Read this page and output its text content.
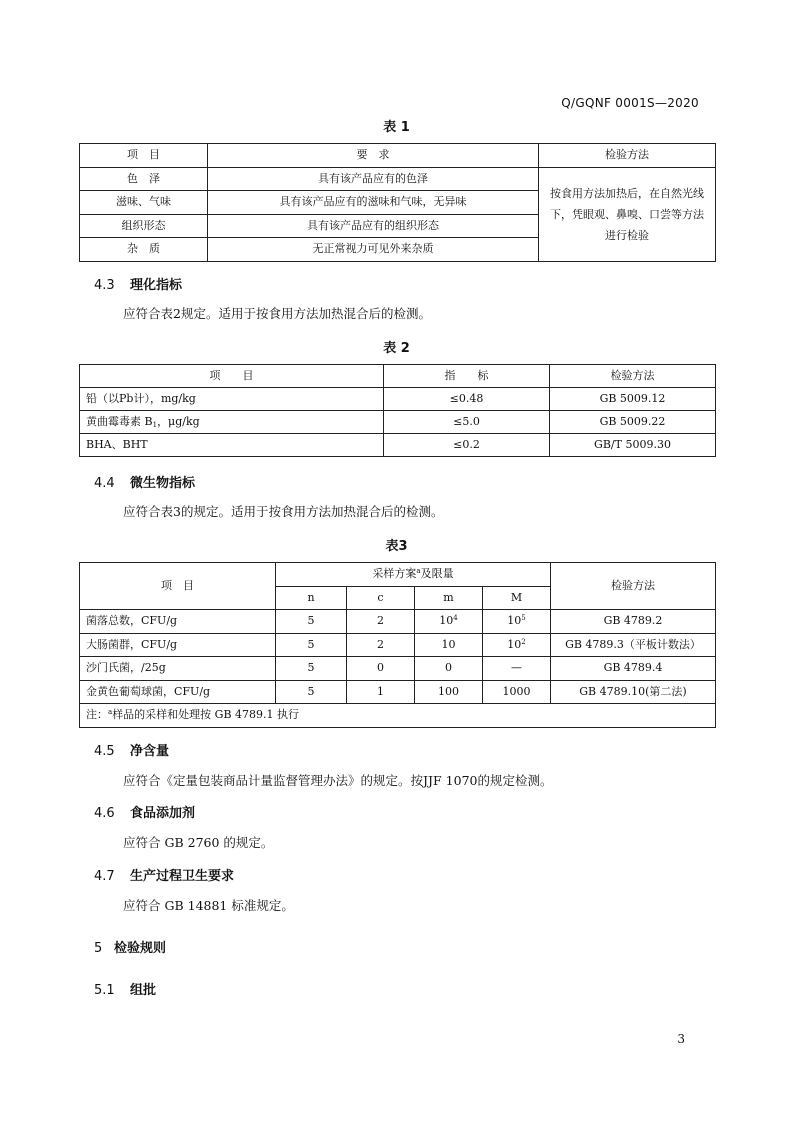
Q/GQNF 0001S—2020
表 1
项　目	要　求	检验方法
色　泽	具有该产品应有的色泽	按食用方法加热后，在自然光线下，凭眼观、鼻嗅、口尝等方法进行检验
滋味、气味	具有该产品应有的滋味和气味，无异味	
组织形态	具有该产品应有的组织形态	
杂　质	无正常视力可见外来杂质	
4.3 理化指标
应符合表2规定。适用于按食用方法加热混合后的检测。
表 2
项　　目	指　　标	检验方法
铅（以Pb计），mg/kg	≤0.48	GB 5009.12
黄曲霉毒素 $B_1$，μg/kg	≤5.0	GB 5009.22
BHA、BHT	≤0.2	GB/T 5009.30
4.4 微生物指标
应符合表3的规定。适用于按食用方法加热混合后的检测。
表3
项　目	采样方案$^a$及限量				检验方法
	n	c	m	M	
菌落总数，CFU/g	5	2	$10^4$	$10^5$	GB 4789.2
大肠菌群，CFU/g	5	2	10	$10^2$	GB 4789.3（平板计数法）
沙门氏菌，/25g	5	0	0	—	GB 4789.4
金黄色葡萄球菌，CFU/g	5	1	100	1000	GB 4789.10(第二法)
注：$^a$样品的采样和处理按 GB 4789.1 执行					
4.5 净含量
应符合《定量包装商品计量监督管理办法》的规定。按JJF 1070的规定检测。
4.6 食品添加剂
应符合 GB 2760 的规定。
4.7 生产过程卫生要求
应符合 GB 14881 标准规定。
5 检验规则
5.1 组批
3
